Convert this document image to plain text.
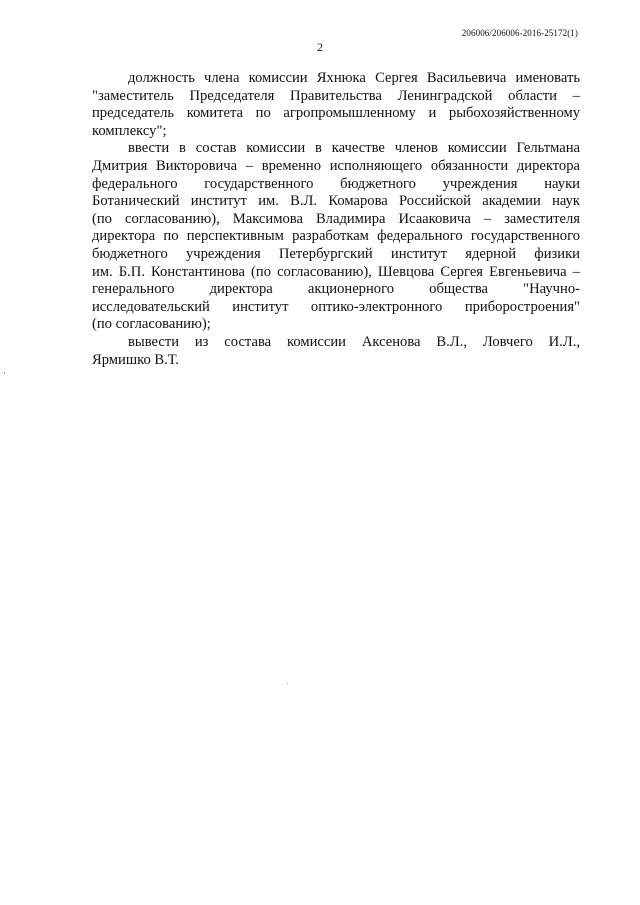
206006/206006-2016-25172(1)
2
должность члена комиссии Яхнюка Сергея Васильевича именовать
"заместитель Председателя Правительства Ленинградской области –
председатель комитета по агропромышленному и рыбохозяйственному
комплексу";
ввести в состав комиссии в качестве членов комиссии Гельтмана
Дмитрия Викторовича – временно исполняющего обязанности директора
федерального государственного бюджетного учреждения науки
Ботанический институт им. В.Л. Комарова Российской академии наук
(по согласованию), Максимова Владимира Исааковича – заместителя
директора по перспективным разработкам федерального государственного
бюджетного учреждения Петербургский институт ядерной физики
им. Б.П. Константинова (по согласованию), Шевцова Сергея Евгеньевича –
генерального директора акционерного общества "Научно-
исследовательский институт оптико-электронного приборостроения"
(по согласованию);
вывести из состава комиссии Аксенова В.Л., Ловчего И.Л.,
Ярмишко В.Т.
